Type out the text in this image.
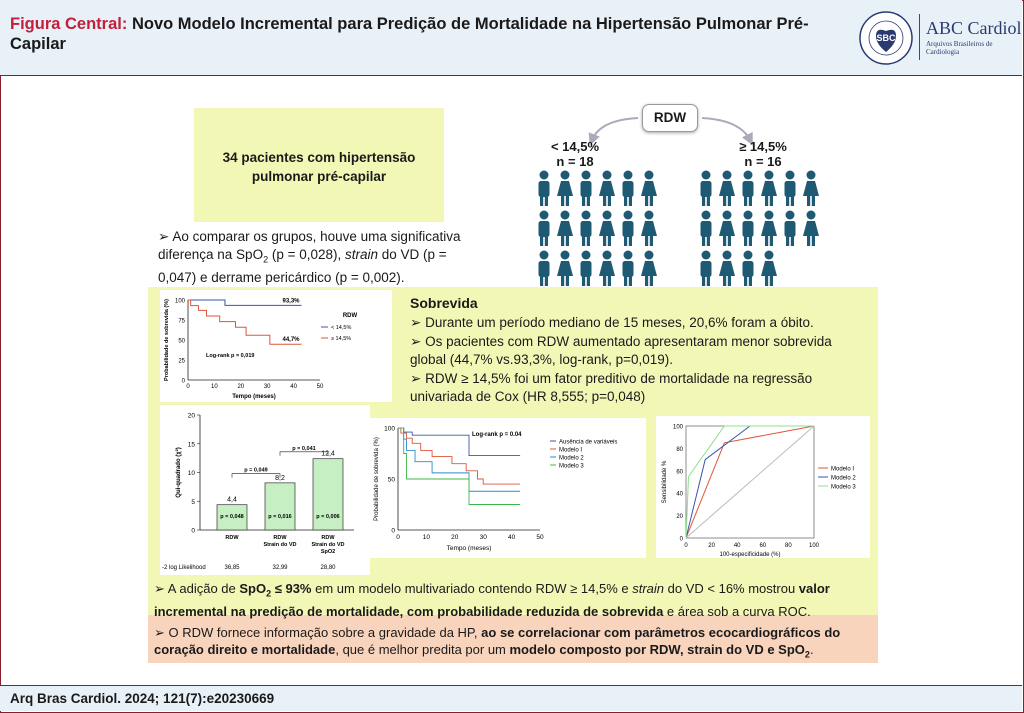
Figura Central: Novo Modelo Incremental para Predição de Mortalidade na Hipertensão Pulmonar Pré-Capilar	SBC ABC Cardiol
Arquivos Brasileiros de Cardiologia
34 pacientes com hipertensão
pulmonar pré-capilar
➢ Ao comparar os grupos, houve uma significativa diferença na SpO$_2$ (p = 0,028), strain do VD (p = 0,047) e derrame pericárdico (p = 0,002).
RDW
< 14,5%
n = 18
≥ 14,5%
n = 16
0
25
50
75
100
0	10	20	30	40	50
Tempo (meses)
Probabilidade de sobrevida (%)	93,3%
44,7%
Log-rank p = 0,019
RDW
< 14,5%
≥ 14,5%
Sobrevida
➢ Durante um período mediano de 15 meses, 20,6% foram a óbito.
➢ Os pacientes com RDW aumentado apresentaram menor sobrevida global (44,7% vs.93,3%, log-rank, p=0,019).
➢ RDW ≥ 14,5% foi um fator preditivo de mortalidade na regressão univariada de Cox (HR 8,555; p=0,048)
0
5
10
15
20
Qui-quadrado (χ²)
4,4
p = 0,048
RDW
36,85
8,2
p = 0,016
RDW
Strain do VD
32,99
12,4
p = 0,006
RDW
Strain do VD
SpO2
28,80
p = 0,049
p = 0,041
-2 log Likelihood
0
50
100
0	10	20	30	40	50
Tempo (meses)
Probabilidade de sobrevida (%)
Log-rank p = 0.04
Ausência de variáveis
Modelo I
Modelo 2
Modelo 3
0
20
40
60
80
100
0	20	40	60	80	100
100-especificidade (%)
Sensibilidade %	Modelo I
Modelo 2
Modelo 3
➢ A adição de SpO$_2$ ≤ 93% em um modelo multivariado contendo RDW ≥ 14,5% e strain do VD < 16% mostrou valor incremental na predição de mortalidade, com probabilidade reduzida de sobrevida e área sob a curva ROC.
➢ O RDW fornece informação sobre a gravidade da HP, ao se correlacionar com parâmetros ecocardiográficos do coração direito e mortalidade, que é melhor predita por um modelo composto por RDW, strain do VD e SpO$_2$.
Arq Bras Cardiol. 2024; 121(7):e20230669
